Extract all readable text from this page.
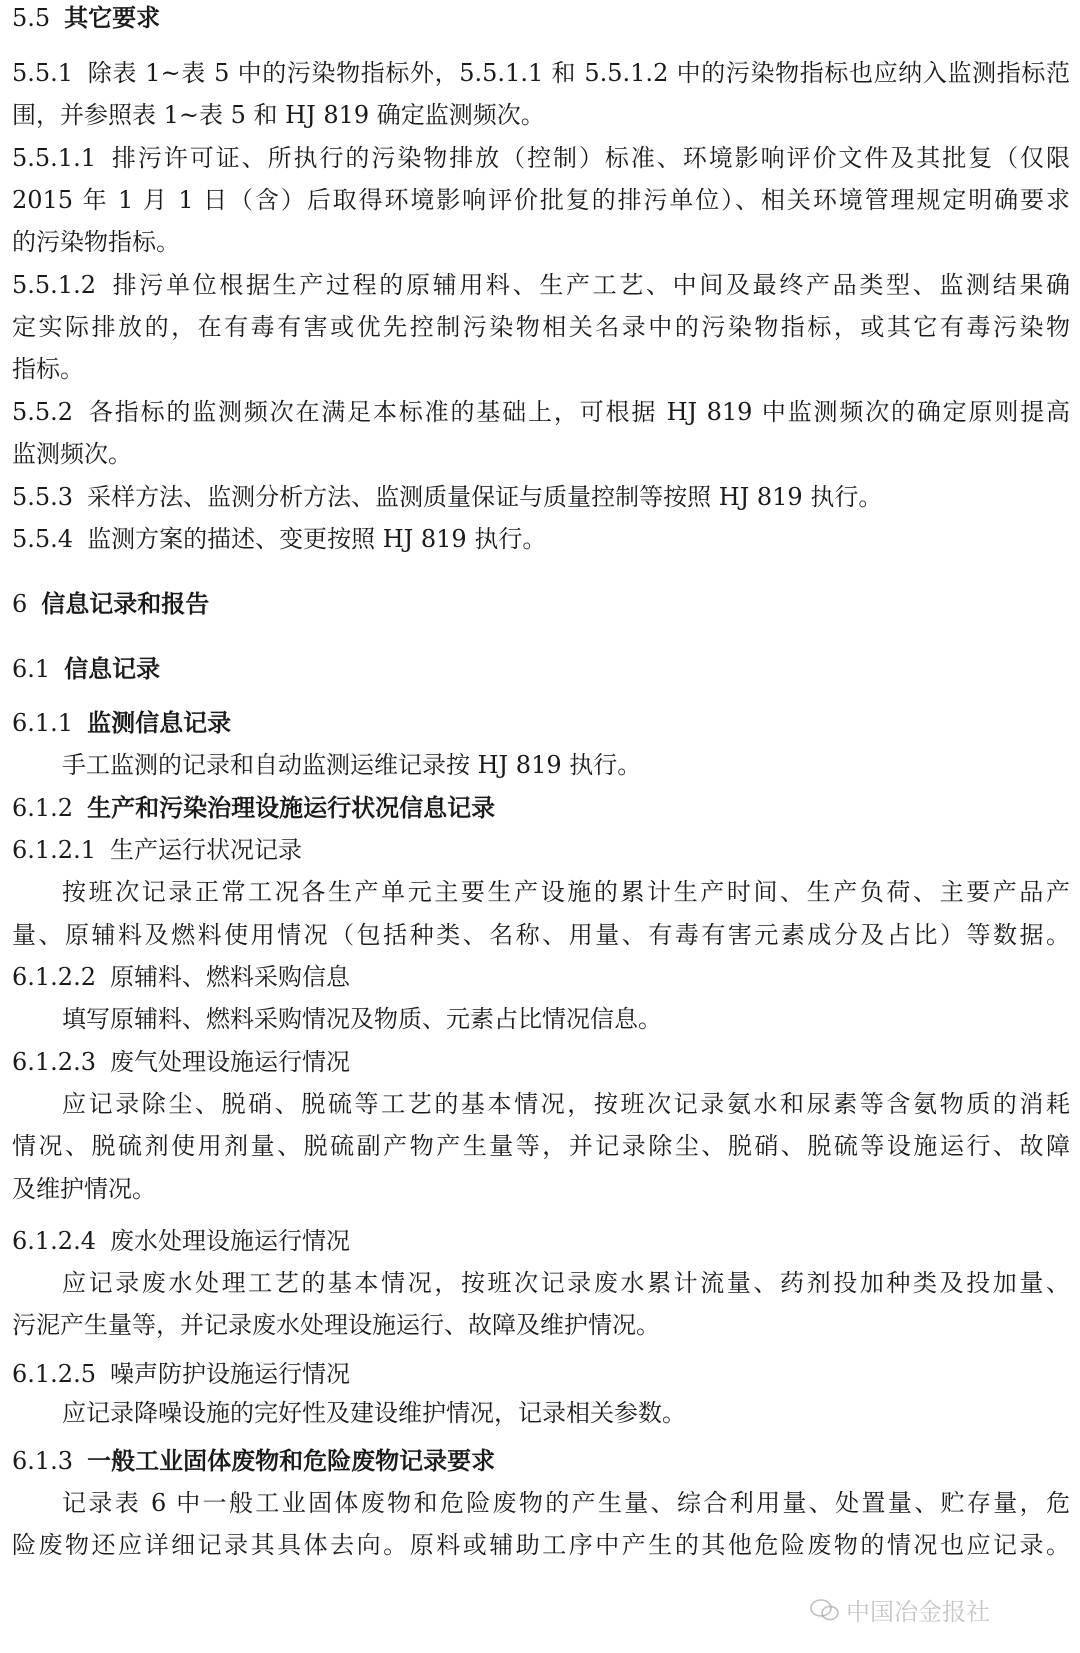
5.5 其它要求
5.5.1 除表 1~表 5 中的污染物指标外，5.5.1.1 和 5.5.1.2 中的污染物指标也应纳入监测指标范
围，并参照表 1~表 5 和 HJ 819 确定监测频次。
5.5.1.1 排污许可证、所执行的污染物排放（控制）标准、环境影响评价文件及其批复（仅限
2015 年 1 月 1 日（含）后取得环境影响评价批复的排污单位）、相关环境管理规定明确要求
的污染物指标。
5.5.1.2 排污单位根据生产过程的原辅用料、生产工艺、中间及最终产品类型、监测结果确
定实际排放的，在有毒有害或优先控制污染物相关名录中的污染物指标，或其它有毒污染物
指标。
5.5.2 各指标的监测频次在满足本标准的基础上，可根据 HJ 819 中监测频次的确定原则提高
监测频次。
5.5.3 采样方法、监测分析方法、监测质量保证与质量控制等按照 HJ 819 执行。
5.5.4 监测方案的描述、变更按照 HJ 819 执行。
6 信息记录和报告
6.1 信息记录
6.1.1 监测信息记录
手工监测的记录和自动监测运维记录按 HJ 819 执行。
6.1.2 生产和污染治理设施运行状况信息记录
6.1.2.1 生产运行状况记录
按班次记录正常工况各生产单元主要生产设施的累计生产时间、生产负荷、主要产品产
量、原辅料及燃料使用情况（包括种类、名称、用量、有毒有害元素成分及占比）等数据。
6.1.2.2 原辅料、燃料采购信息
填写原辅料、燃料采购情况及物质、元素占比情况信息。
6.1.2.3 废气处理设施运行情况
应记录除尘、脱硝、脱硫等工艺的基本情况，按班次记录氨水和尿素等含氨物质的消耗
情况、脱硫剂使用剂量、脱硫副产物产生量等，并记录除尘、脱硝、脱硫等设施运行、故障
及维护情况。
6.1.2.4 废水处理设施运行情况
应记录废水处理工艺的基本情况，按班次记录废水累计流量、药剂投加种类及投加量、
污泥产生量等，并记录废水处理设施运行、故障及维护情况。
6.1.2.5 噪声防护设施运行情况
应记录降噪设施的完好性及建设维护情况，记录相关参数。
6.1.3 一般工业固体废物和危险废物记录要求
记录表 6 中一般工业固体废物和危险废物的产生量、综合利用量、处置量、贮存量，危
险废物还应详细记录其具体去向。原料或辅助工序中产生的其他危险废物的情况也应记录。
中国冶金报社
